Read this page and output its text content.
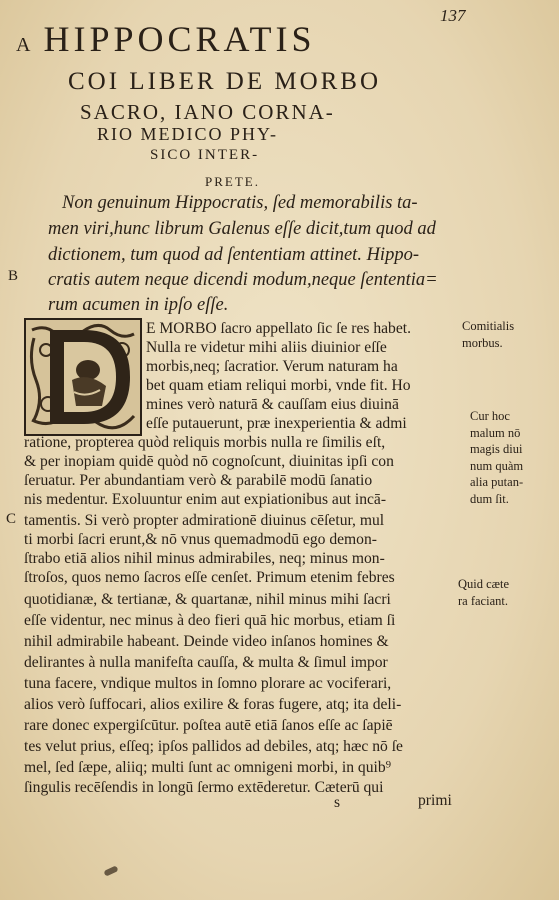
137
A HIPPOCRATIS
COI LIBER DE MORBO
SACRO, IANO CORNA-
RIO MEDICO PHY-
SICO INTER-
PRETE.
Non genuinum Hippocratis, ſed memorabilis ta-
men viri,hunc librum Galenus eſſe dicit,tum quod ad
dictionem, tum quod ad ſententiam attinet. Hippo-
B cratis autem neque dicendi modum,neque ſententia=
rum acumen in ipſo eſſe.
E MORBO ſacro appellato ſic ſe res habet.
Nulla re videtur mihi aliis diuinior eſſe
morbis,neq; ſacratior. Verum naturam ha
bet quam etiam reliqui morbi, vnde fit. Ho
mines verò naturā & cauſſam eius diuinā
eſſe putauerunt, præ inexperientia & admi
ratione, propterea quòd reliquis morbis nulla re ſimilis eſt,
& per inopiam quidē quòd nō cognoſcunt, diuinitas ipſi con
ſeruatur. Per abundantiam verò & parabilē modū ſanatio
nis medentur. Exoluuntur enim aut expiationibus aut incā-
C tamentis. Si verò propter admirationē diuinus cēſetur, mul
ti morbi ſacri erunt,& nō vnus quemadmodū ego demon-
ſtrabo etiā alios nihil minus admirabiles, neq; minus mon-
ſtroſos, quos nemo ſacros eſſe cenſet. Primum etenim febres
quotidianæ, & tertianæ, & quartanæ, nihil minus mihi ſacri
eſſe videntur, nec minus à deo fieri quā hic morbus, etiam ſi
nihil admirabile habeant. Deinde video inſanos homines &
delirantes à nulla manifeſta cauſſa, & multa & ſimul impor
tuna facere, vndique multos in ſomno plorare ac vociferari,
alios verò ſuffocari, alios exilire & foras fugere, atq; ita deli-
rare donec expergiſcūtur. poſtea autē etiā ſanos eſſe ac ſapiē
tes velut prius, eſſeq; ipſos pallidos ad debiles, atq; hæc nō ſe
mel, ſed ſæpe, aliiq; multi ſunt ac omnigeni morbi, in quib⁹
ſingulis recēſendis in longū ſermo extēderetur. Cæterū qui
s	primi
Comitialis
morbus.
Cur hoc
malum nō
magis diui
num quàm
alia putan-
dum ſit.
Quid cæte
ra faciant.
